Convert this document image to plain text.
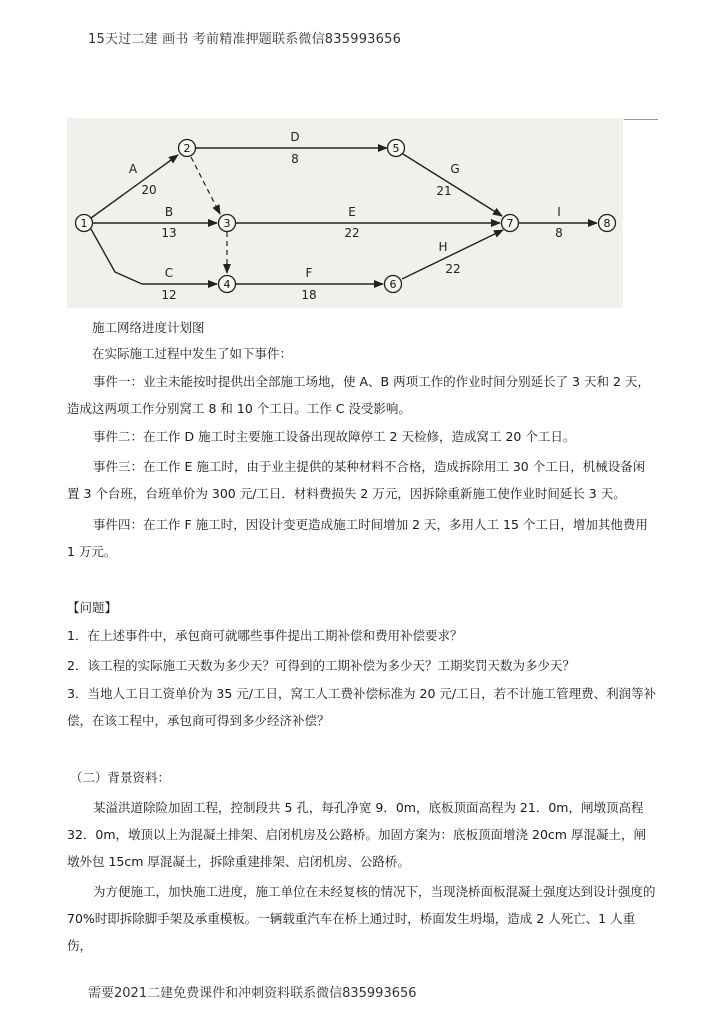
15天过二建 画书 考前精准押题联系微信835993656
1
2
3
4
5
6
7	8
A
20
B
13
C
12
D
8
E
22
F
18
G
21
H
22
I
8
施工网络进度计划图
在实际施工过程中发生了如下事件：
事件一：业主未能按时提供出全部施工场地，使 A、B 两项工作的作业时间分别延长了 3 天和 2 天，造成这两项工作分别窝工 8 和 10 个工日。工作 C 没受影响。
事件二：在工作 D 施工时主要施工设备出现故障停工 2 天检修，造成窝工 20 个工日。
事件三：在工作 E 施工时，由于业主提供的某种材料不合格，造成拆除用工 30 个工日，机械设备闲置 3 个台班，台班单价为 300 元/工日．材料费损失 2 万元，因拆除重新施工使作业时间延长 3 天。
事件四：在工作 F 施工时，因设计变更造成施工时间增加 2 天，多用人工 15 个工日，增加其他费用 1 万元。
【问题】
1．在上述事件中，承包商可就哪些事件提出工期补偿和费用补偿要求？
2．该工程的实际施工天数为多少天？可得到的工期补偿为多少天？工期奖罚天数为多少天？
3．当地人工日工资单价为 35 元/工日，窝工人工费补偿标准为 20 元/工日，若不计施工管理费、利润等补偿，在该工程中，承包商可得到多少经济补偿？
（二）背景资料：
某溢洪道除险加固工程，控制段共 5 孔，每孔净宽 9．0m，底板顶面高程为 21．0m，闸墩顶高程 32．0m，墩顶以上为混凝土排架、启闭机房及公路桥。加固方案为：底板顶面增浇 20cm 厚混凝土，闸墩外包 15cm 厚混凝土，拆除重建排架、启闭机房、公路桥。
为方便施工，加快施工进度，施工单位在未经复核的情况下，当现浇桥面板混凝土强度达到设计强度的 70%时即拆除脚手架及承重模板。一辆载重汽车在桥上通过时，桥面发生坍塌，造成 2 人死亡、1 人重伤，
需要2021二建免费课件和冲刺资料联系微信835993656
